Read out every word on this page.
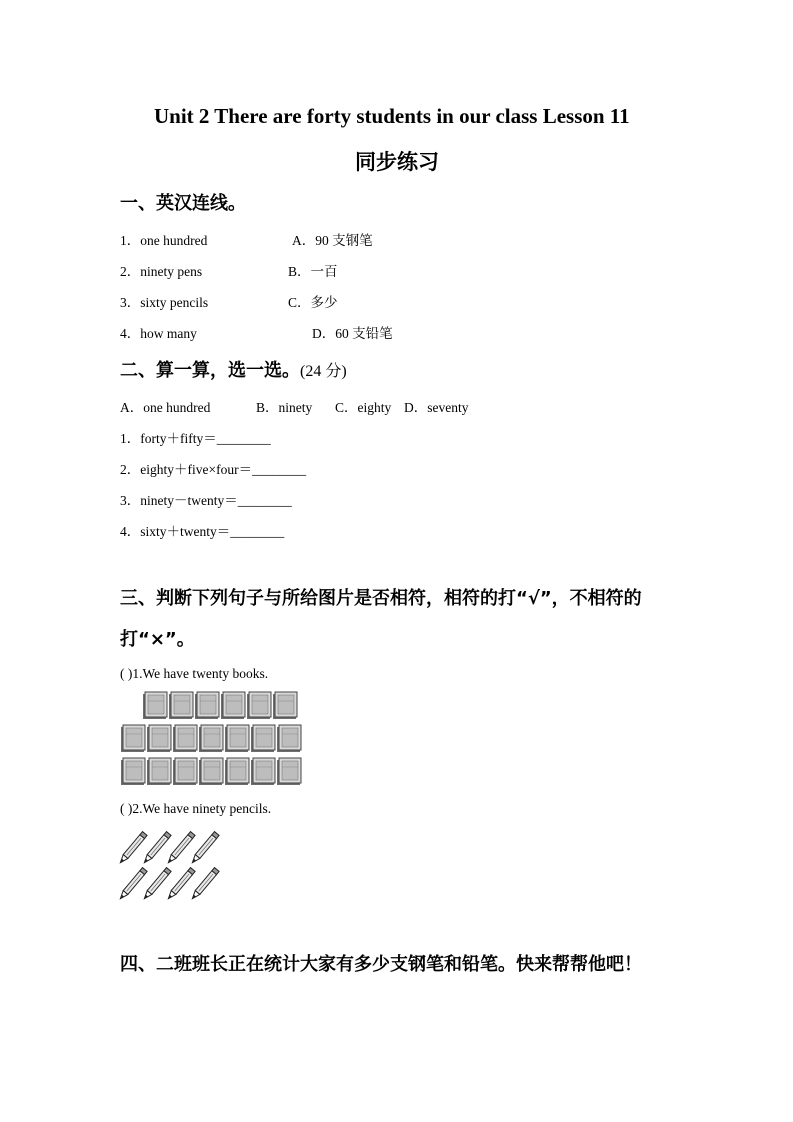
Unit 2 There are forty students in our class Lesson 11
同步练习
一、英汉连线。
1．one hundred
2．ninety pens
3．sixty pencils
4．how many
A．90 支钢笔
B．一百
C．多少
D．60 支铅笔
二、算一算，选一选。(24 分)
A．one hundred	B．ninety C．eighty D．seventy
1．forty＋fifty＝________
2．eighty＋five×four＝________
3．ninety－twenty＝________
4．sixty＋twenty＝________
三、判断下列句子与所给图片是否相符，相符的打“√”，不相符的
打“×”。
( )1.We have twenty books.
( )2.We have ninety pencils.
四、二班班长正在统计大家有多少支钢笔和铅笔。快来帮帮他吧！
